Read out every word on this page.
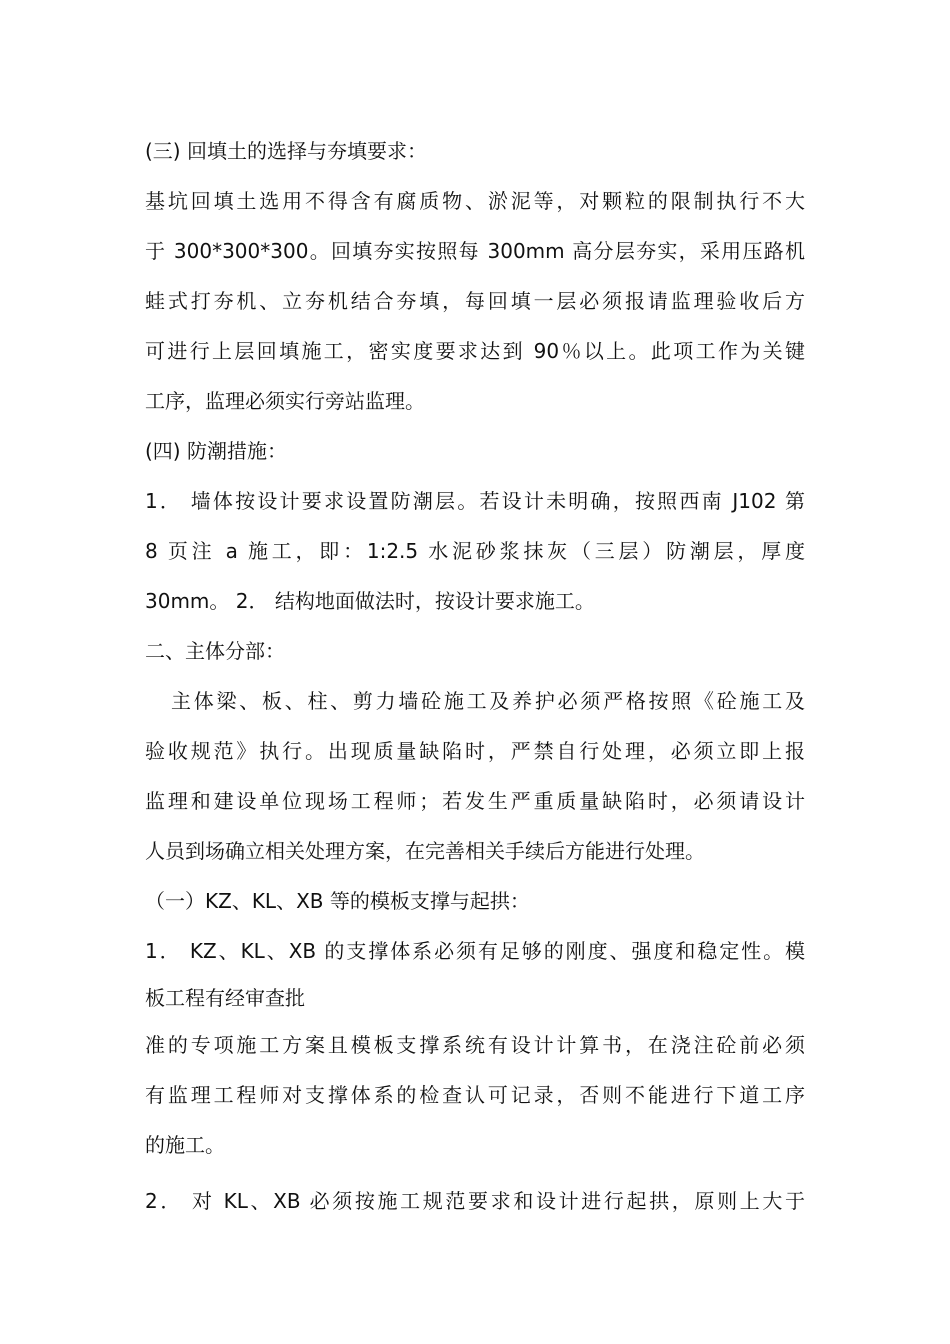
(三) 回填土的选择与夯填要求：
基坑回填土选用不得含有腐质物、淤泥等，对颗粒的限制执行不大
于 300*300*300。回填夯实按照每 300mm 高分层夯实，采用压路机
蛙式打夯机、立夯机结合夯填，每回填一层必须报请监理验收后方
可进行上层回填施工，密实度要求达到 90％以上。此项工作为关键
工序，监理必须实行旁站监理。
(四) 防潮措施：
1． 墙体按设计要求设置防潮层。若设计未明确，按照西南 J102 第
8 页注 a 施工，即：1:2.5 水泥砂浆抹灰（三层）防潮层，厚度
30mm。 2． 结构地面做法时，按设计要求施工。
二、主体分部：
主体梁、板、柱、剪力墙砼施工及养护必须严格按照《砼施工及
验收规范》执行。出现质量缺陷时，严禁自行处理，必须立即上报
监理和建设单位现场工程师；若发生严重质量缺陷时，必须请设计
人员到场确立相关处理方案，在完善相关手续后方能进行处理。
（一）KZ、KL、XB 等的模板支撑与起拱：
1． KZ、KL、XB 的支撑体系必须有足够的刚度、强度和稳定性。模
板工程有经审查批
准的专项施工方案且模板支撑系统有设计计算书，在浇注砼前必须
有监理工程师对支撑体系的检查认可记录，否则不能进行下道工序
的施工。
2． 对 KL、XB 必须按施工规范要求和设计进行起拱，原则上大于
